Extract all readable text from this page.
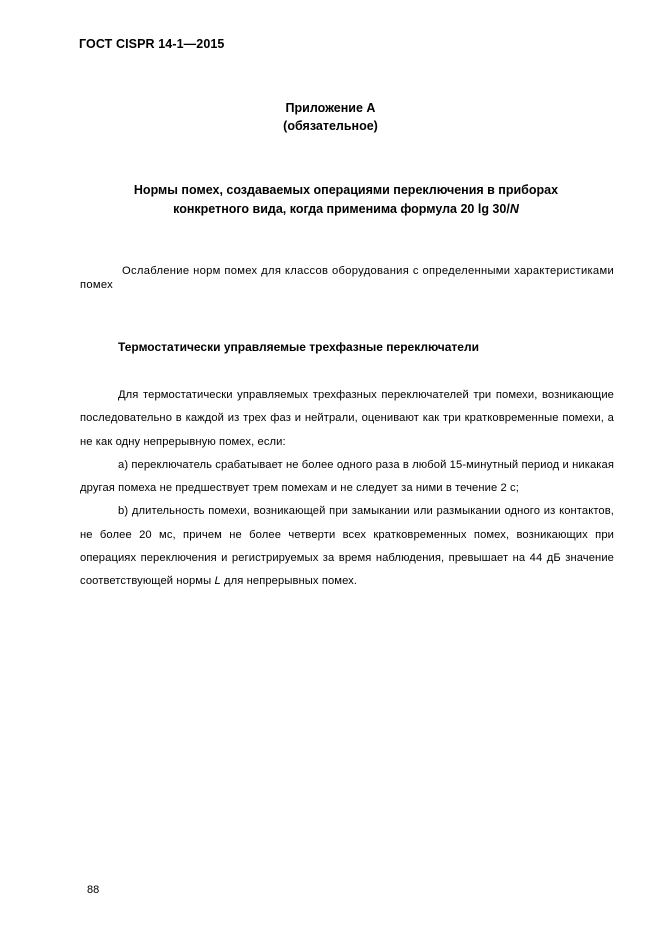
ГОСТ CISPR 14-1—2015
Приложение А
(обязательное)
Нормы помех, создаваемых операциями переключения в приборах
конкретного вида, когда применима формула 20 lg 30/N
Ослабление норм помех для классов оборудования с определенными характеристиками помех
Термостатически управляемые трехфазные переключатели

Для термостатически управляемых трехфазных переключателей три помехи, возникающие последовательно в каждой из трех фаз и нейтрали, оценивают как три кратковременные помехи, а не как одну непрерывную помех, если:

a) переключатель срабатывает не более одного раза в любой 15-минутный период и никакая другая помеха не предшествует трем помехам и не следует за ними в течение 2 с;

b) длительность помехи, возникающей при замыкании или размыкании одного из контактов, не более 20 мс, причем не более четверти всех кратковременных помех, возникающих при операциях переключения и регистрируемых за время наблюдения, превышает на 44 дБ значение соответствующей нормы L для непрерывных помех.

88
